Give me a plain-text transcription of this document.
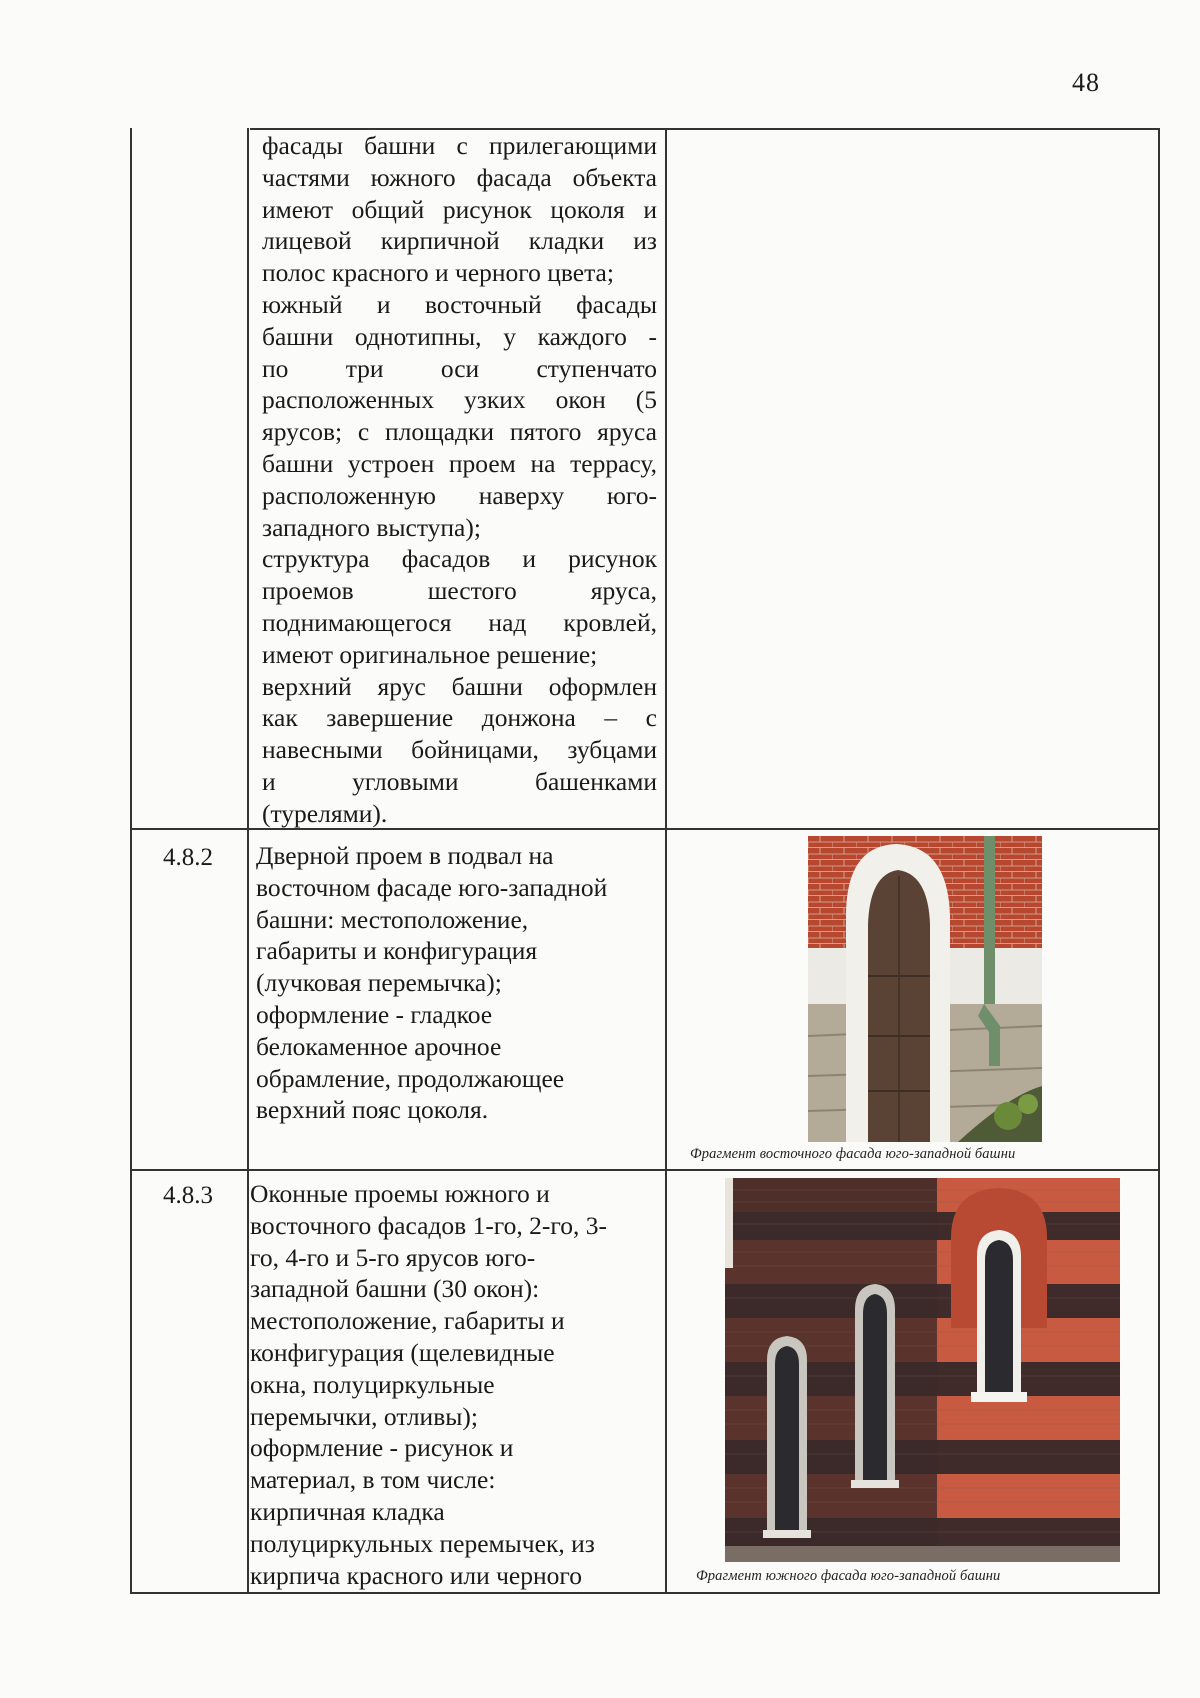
48

фасады башни с прилегающими

частями южного фасада объекта

имеют общий рисунок цоколя и

лицевой кирпичной кладки из

полос красного и черного цвета;

южный и восточный фасады

башни однотипны, у каждого -

по три оси ступенчато

расположенных узких окон (5

ярусов; с площадки пятого яруса

башни устроен проем на террасу,

расположенную наверху юго-

западного выступа);

структура фасадов и рисунок

проемов шестого яруса,

поднимающегося над кровлей,

имеют оригинальное решение;

верхний ярус башни оформлен

как завершение донжона – с

навесными бойницами, зубцами

и угловыми башенками

(турелями).

4.8.2	Дверной проем в подвал на

восточном фасаде юго-западной

башни: местоположение,

габариты и конфигурация

(лучковая перемычка);

оформление - гладкое

белокаменное арочное

обрамление, продолжающее

верхний пояс цоколя.

Фрагмент восточного фасада юго-западной башни
4.8.3	Оконные проемы южного и

восточного фасадов 1-го, 2-го, 3-

го, 4-го и 5-го ярусов юго-

западной башни (30 окон):

местоположение, габариты и

конфигурация (щелевидные

окна, полуциркульные

перемычки, отливы);

оформление - рисунок и

материал, в том числе:

кирпичная кладка

полуциркульных перемычек, из

кирпича красного или черного	Фрагмент южного фасада юго-западной башни
